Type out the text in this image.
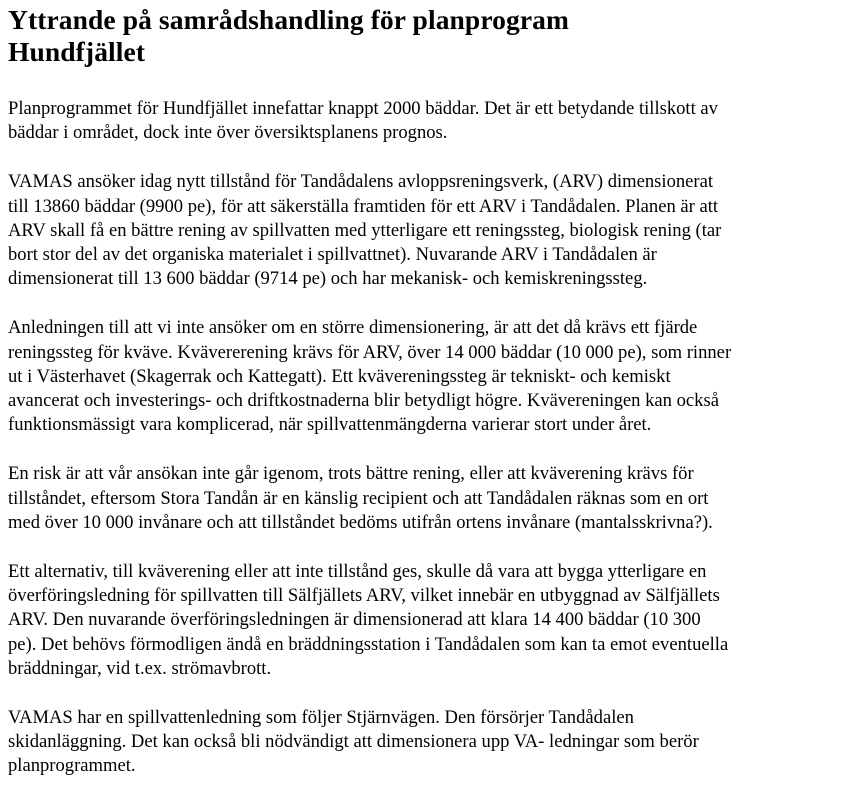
Yttrande på samrådshandling för planprogram
Hundfjället

Planprogrammet för Hundfjället innefattar knappt 2000 bäddar. Det är ett betydande tillskott av
bäddar i området, dock inte över översiktsplanens prognos.

VAMAS ansöker idag nytt tillstånd för Tandådalens avloppsreningsverk, (ARV) dimensionerat
till 13860 bäddar (9900 pe), för att säkerställa framtiden för ett ARV i Tandådalen. Planen är att
ARV skall få en bättre rening av spillvatten med ytterligare ett reningssteg, biologisk rening (tar
bort stor del av det organiska materialet i spillvattnet). Nuvarande ARV i Tandådalen är
dimensionerat till 13 600 bäddar (9714 pe) och har mekanisk- och kemiskreningssteg.

Anledningen till att vi inte ansöker om en större dimensionering, är att det då krävs ett fjärde
reningssteg för kväve. Kvävererening krävs för ARV, över 14 000 bäddar (10 000 pe), som rinner
ut i Västerhavet (Skagerrak och Kattegatt). Ett kvävereningssteg är tekniskt- och kemiskt
avancerat och investerings- och driftkostnaderna blir betydligt högre. Kvävereningen kan också
funktionsmässigt vara komplicerad, när spillvattenmängderna varierar stort under året.

En risk är att vår ansökan inte går igenom, trots bättre rening, eller att kväverening krävs för
tillståndet, eftersom Stora Tandån är en känslig recipient och att Tandådalen räknas som en ort
med över 10 000 invånare och att tillståndet bedöms utifrån ortens invånare (mantalsskrivna?).

Ett alternativ, till kväverening eller att inte tillstånd ges, skulle då vara att bygga ytterligare en
överföringsledning för spillvatten till Sälfjällets ARV, vilket innebär en utbyggnad av Sälfjällets
ARV. Den nuvarande överföringsledningen är dimensionerad att klara 14 400 bäddar (10 300
pe). Det behövs förmodligen ändå en bräddningsstation i Tandådalen som kan ta emot eventuella
bräddningar, vid t.ex. strömavbrott.

VAMAS har en spillvattenledning som följer Stjärnvägen. Den försörjer Tandådalen
skidanläggning. Det kan också bli nödvändigt att dimensionera upp VA- ledningar som berör
planprogrammet.
